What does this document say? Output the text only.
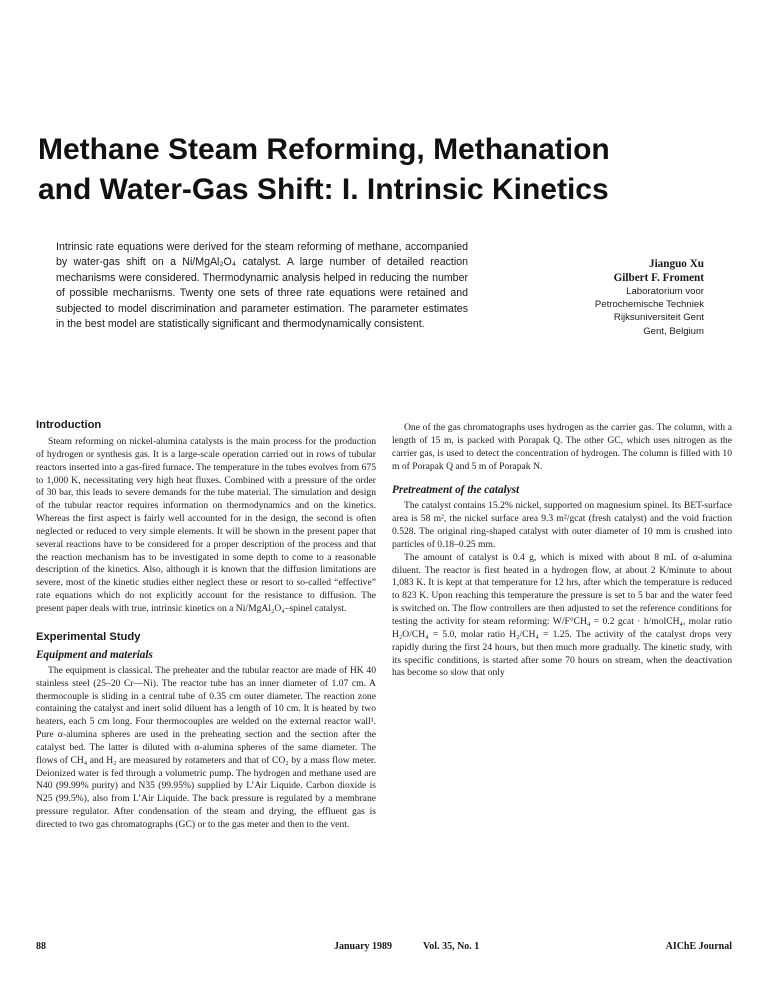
Methane Steam Reforming, Methanation
and Water-Gas Shift: I. Intrinsic Kinetics

Intrinsic rate equations were derived for the steam reforming of methane, accompanied by water-gas shift on a Ni/MgAl₂O₄ catalyst. A large number of detailed reaction mechanisms were considered. Thermodynamic analysis helped in reducing the number of possible mechanisms. Twenty one sets of three rate equations were retained and subjected to model discrimination and parameter estimation. The parameter estimates in the best model are statistically significant and thermodynamically consistent.

Jianguo Xu
Gilbert F. Froment
Laboratorium voor
Petrochemische Techniek
Rijksuniversiteit Gent
Gent, Belgium
Introduction

Steam reforming on nickel-alumina catalysts is the main process for the production of hydrogen or synthesis gas. It is a large-scale operation carried out in rows of tubular reactors inserted into a gas-fired furnace. The temperature in the tubes evolves from 675 to 1,000 K, necessitating very high heat fluxes. Combined with a pressure of the order of 30 bar, this leads to severe demands for the tube material. The simulation and design of the tubular reactor requires information on thermodynamics and on the kinetics. Whereas the first aspect is fairly well accounted for in the design, the second is often neglected or reduced to very simple elements. It will be shown in the present paper that several reactions have to be considered for a proper description of the process and that the reaction mechanism has to be investigated in some depth to come to a reasonable description of the kinetics. Also, although it is known that the diffusion limitations are severe, most of the kinetic studies either neglect these or resort to so-called “effective” rate equations which do not explicitly account for the resistance to diffusion. The present paper deals with true, intrinsic kinetics on a Ni/MgAl₂O₄–spinel catalyst.

Experimental Study
Equipment and materials

The equipment is classical. The preheater and the tubular reactor are made of HK 40 stainless steel (25–20 Cr—Ni). The reactor tube has an inner diameter of 1.07 cm. A thermocouple is sliding in a central tube of 0.35 cm outer diameter. The reaction zone containing the catalyst and inert solid diluent has a length of 10 cm. It is heated by two heaters, each 5 cm long. Four thermocouples are welded on the external reactor wall¹. Pure α-alumina spheres are used in the preheating section and the section after the catalyst bed. The latter is diluted with α-alumina spheres of the same diameter. The flows of CH₄ and H₂ are measured by rotameters and that of CO₂ by a mass flow meter. Deionized water is fed through a volumetric pump. The hydrogen and methane used are N40 (99.99% purity) and N35 (99.95%) supplied by L’Air Liquide. Carbon dioxide is N25 (99.5%), also from L’Air Liquide. The back pressure is regulated by a membrane pressure regulator. After condensation of the steam and drying, the effluent gas is directed to two gas chromatographs (GC) or to the gas meter and then to the vent.

One of the gas chromatographs uses hydrogen as the carrier gas. The column, with a length of 15 m, is packed with Porapak Q. The other GC, which uses nitrogen as the carrier gas, is used to detect the concentration of hydrogen. The column is filled with 10 m of Porapak Q and 5 m of Porapak N.

Pretreatment of the catalyst

The catalyst contains 15.2% nickel, supported on magnesium spinel. Its BET-surface area is 58 m², the nickel surface area 9.3 m²/gcat (fresh catalyst) and the void fraction 0.528. The original ring-shaped catalyst with outer diameter of 10 mm is crushed into particles of 0.18–0.25 mm.

The amount of catalyst is 0.4 g, which is mixed with about 8 mL of α-alumina diluent. The reactor is first heated in a hydrogen flow, at about 2 K/minute to about 1,083 K. It is kept at that temperature for 12 hrs, after which the temperature is reduced to 823 K. Upon reaching this temperature the pressure is set to 5 bar and the water feed is switched on. The flow controllers are then adjusted to set the reference conditions for testing the activity for steam reforming: W/F°CH₄ = 0.2 gcat · h/molCH₄, molar ratio H₂O/CH₄ = 5.0, molar ratio H₂/CH₄ = 1.25. The activity of the catalyst drops very rapidly during the first 24 hours, but then much more gradually. The kinetic study, with its specific conditions, is started after some 70 hours on stream, when the deactivation has become so slow that only

88	January 1989	Vol. 35, No. 1	AIChE Journal
